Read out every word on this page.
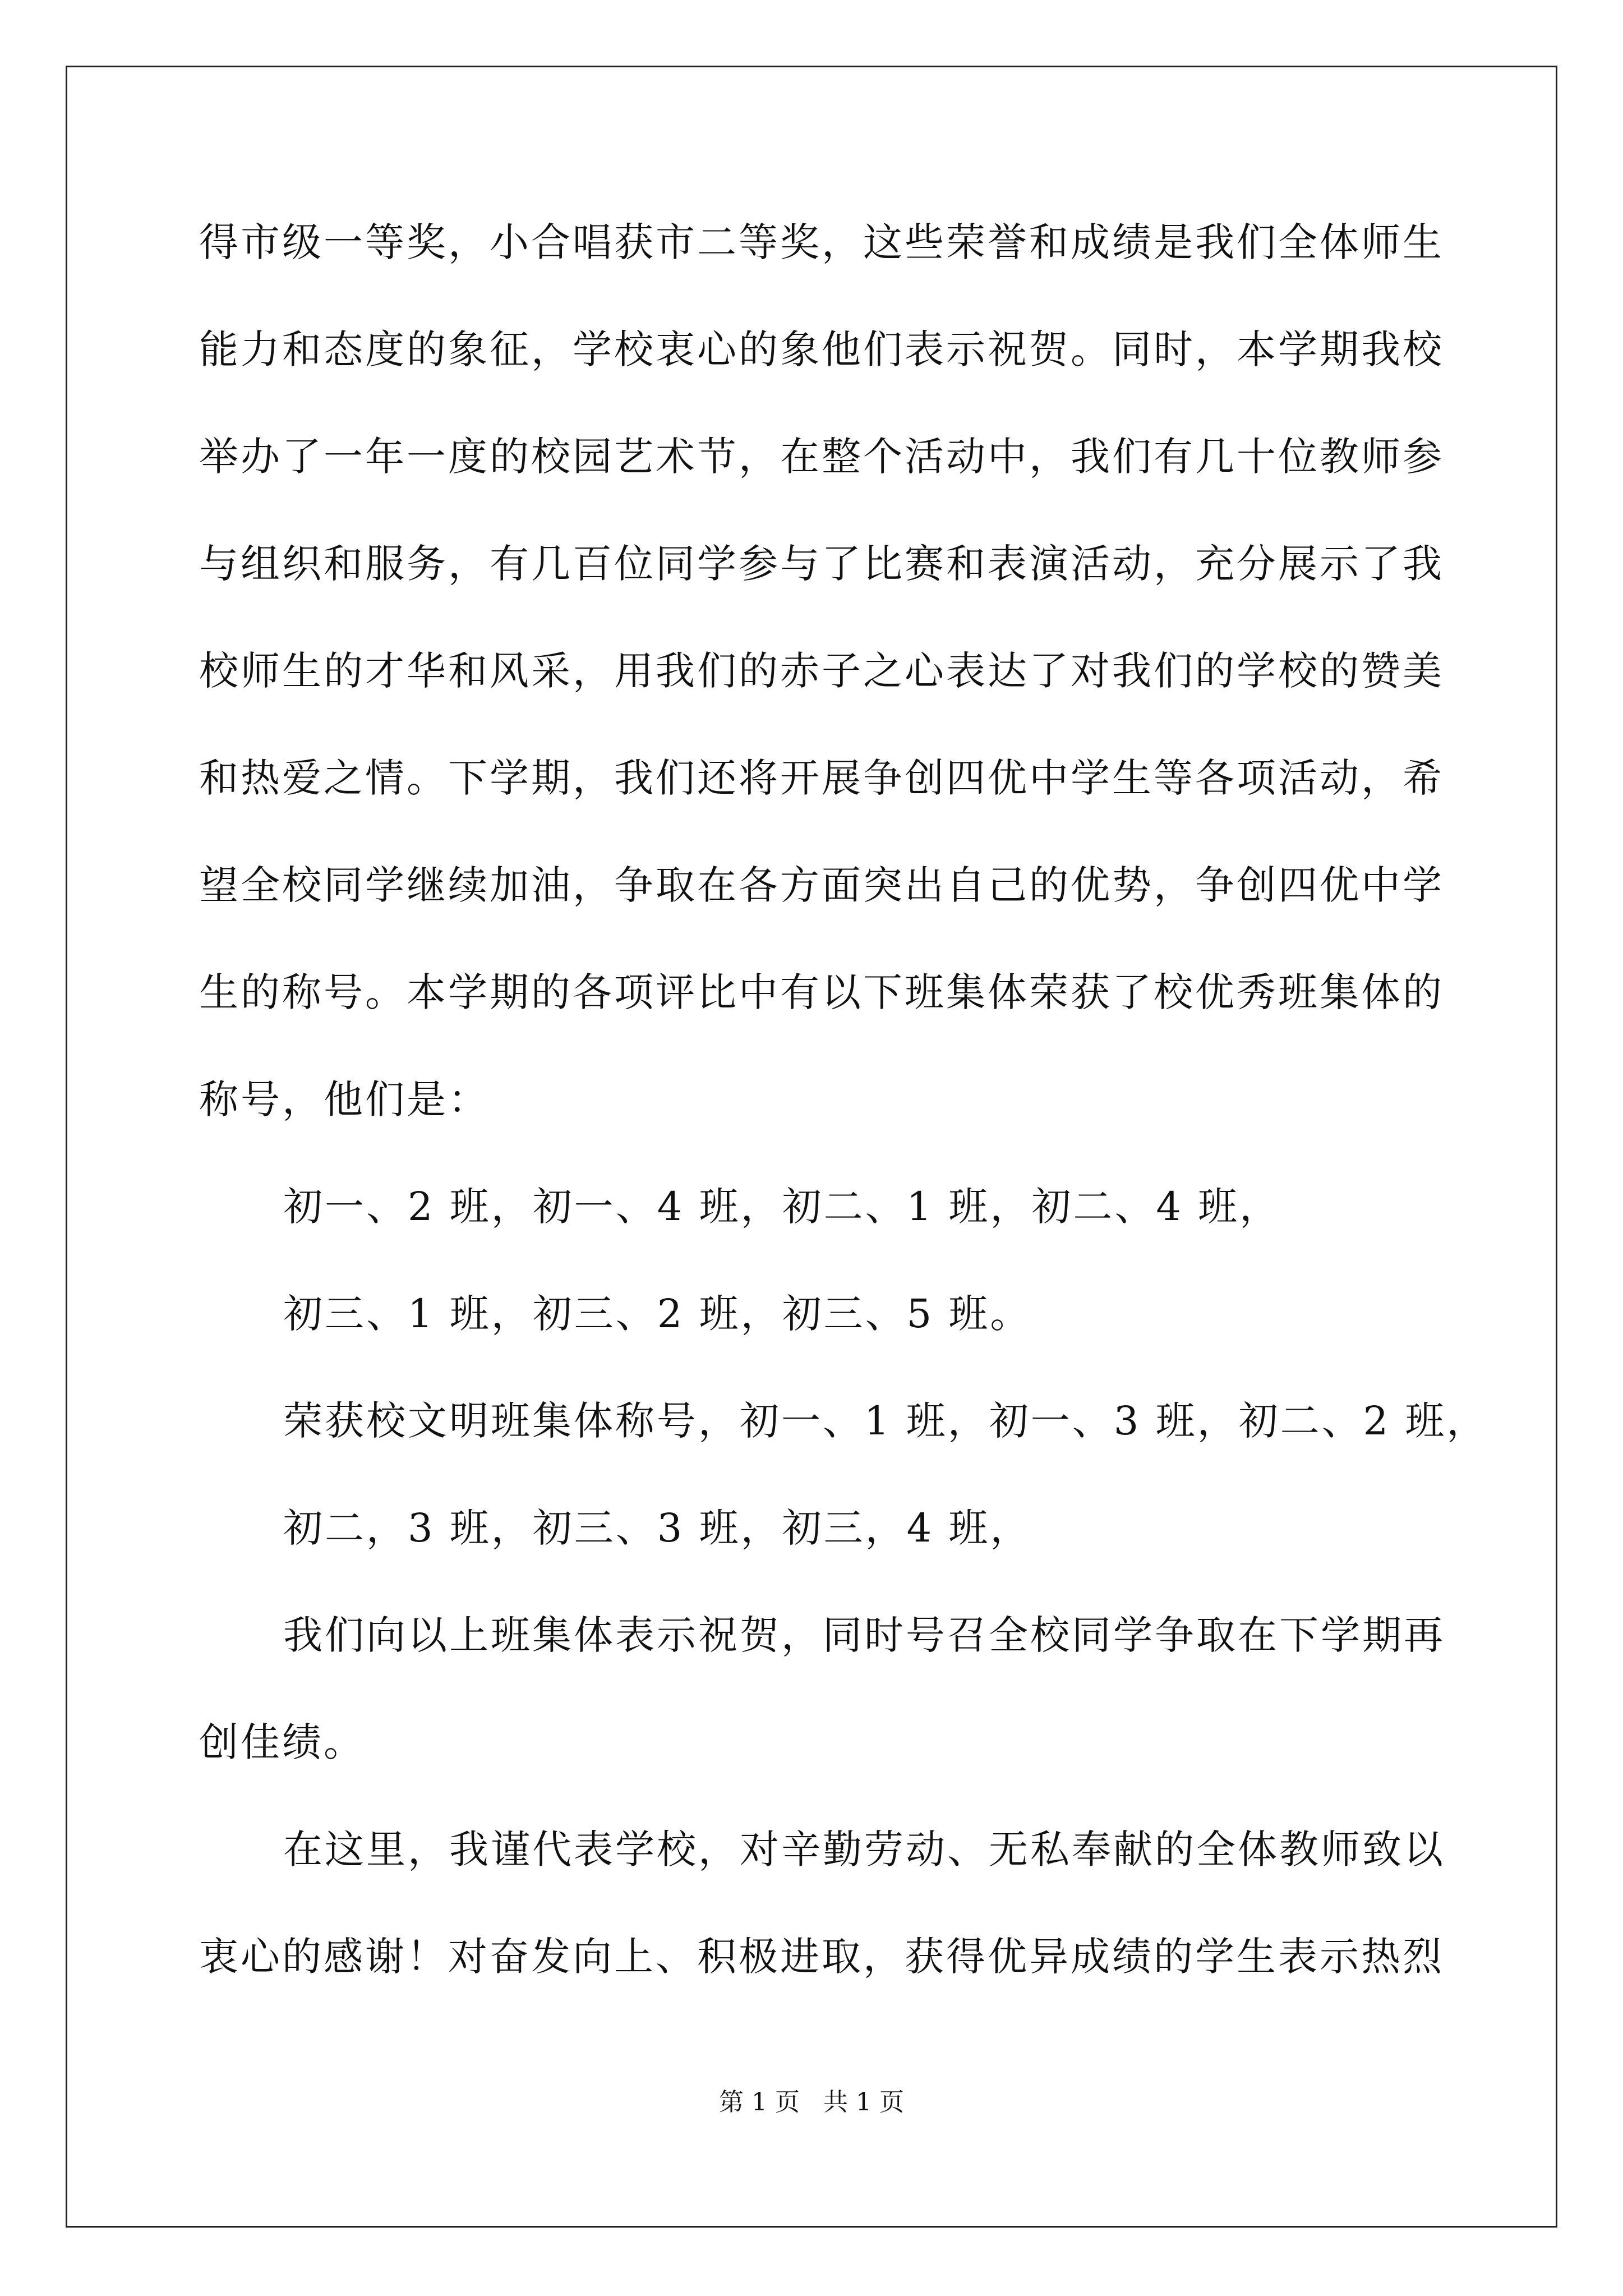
得市级一等奖，小合唱获市二等奖，这些荣誉和成绩是我们全体师生
能力和态度的象征，学校衷心的象他们表示祝贺。同时，本学期我校
举办了一年一度的校园艺术节，在整个活动中，我们有几十位教师参
与组织和服务，有几百位同学参与了比赛和表演活动，充分展示了我
校师生的才华和风采，用我们的赤子之心表达了对我们的学校的赞美
和热爱之情。下学期，我们还将开展争创四优中学生等各项活动，希
望全校同学继续加油，争取在各方面突出自己的优势，争创四优中学
生的称号。本学期的各项评比中有以下班集体荣获了校优秀班集体的
称号，他们是：
初一、2 班，初一、4 班，初二、1 班，初二、4 班，
初三、1 班，初三、2 班，初三、5 班。
荣获校文明班集体称号，初一、1 班，初一、3 班，初二、2 班，
初二，3 班，初三、3 班，初三，4 班，
我们向以上班集体表示祝贺，同时号召全校同学争取在下学期再
创佳绩。
在这里，我谨代表学校，对辛勤劳动、无私奉献的全体教师致以
衷心的感谢！对奋发向上、积极进取，获得优异成绩的学生表示热烈
第 1 页   共 1 页
